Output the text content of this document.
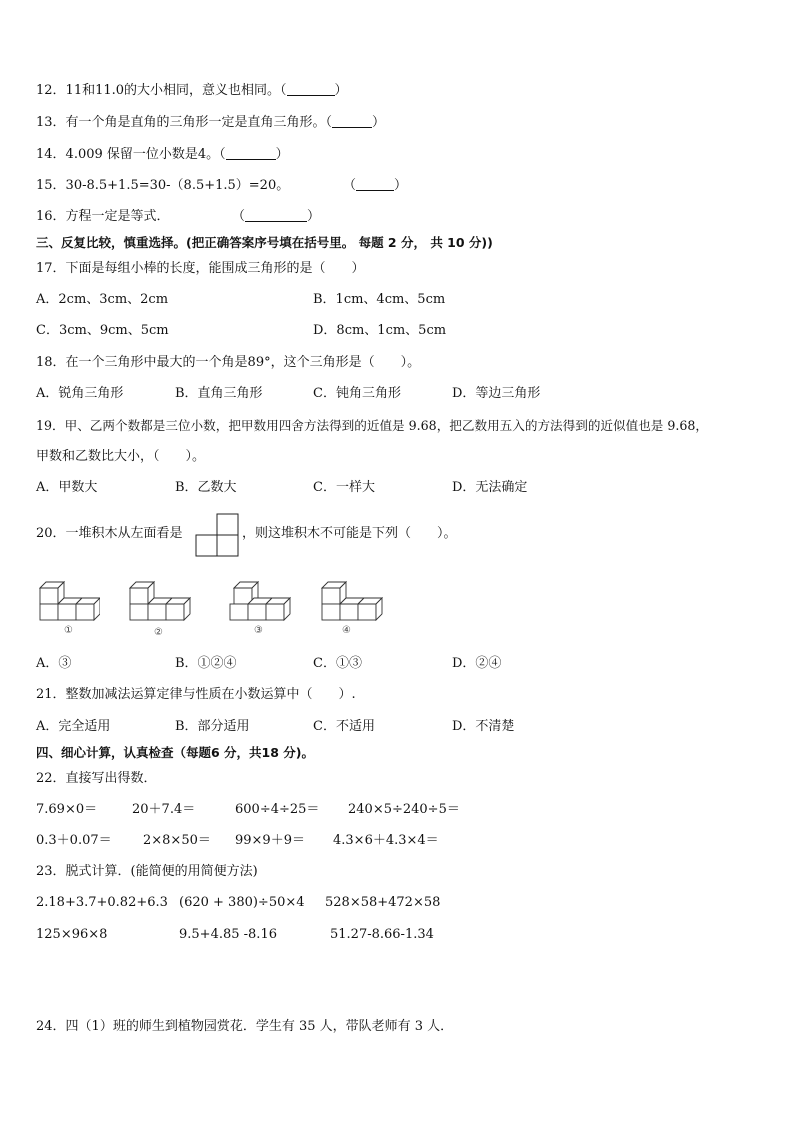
12．11和11.0的大小相同，意义也相同。（	）
13．有一个角是直角的三角形一定是直角三角形。（	）
14．4.009 保留一位小数是4。（	）
15．30-8.5+1.5=30-（8.5+1.5）=20。	（	）
16．方程一定是等式．	（	）
三、反复比较，慎重选择。(把正确答案序号填在括号里。 每题 2 分， 共 10 分))
17．下面是每组小棒的长度，能围成三角形的是（　　）
A．2cm、3cm、2cm	B．1cm、4cm、5cm
C．3cm、9cm、5cm	D．8cm、1cm、5cm
18．在一个三角形中最大的一个角是89°，这个三角形是（　　）。
A．锐角三角形	B．直角三角形	C．钝角三角形	D．等边三角形
19．甲、乙两个数都是三位小数，把甲数用四舍方法得到的近值是 9.68，把乙数用五入的方法得到的近似值也是 9.68，
甲数和乙数比大小，（　　）。
A．甲数大	B．乙数大	C．一样大	D．无法确定
20．一堆积木从左面看是	，则这堆积木不可能是下列（　　）。
①	②	③	④
A．③	B．①②④	C．①③	D．②④
21．整数加减法运算定律与性质在小数运算中（　　）.
A．完全适用	B．部分适用	C．不适用	D．不清楚
四、细心计算，认真检查（每题6 分，共18 分)。
22．直接写出得数．
7.69×0＝	20＋7.4＝	600÷4÷25＝ 240×5÷240÷5＝
0.3＋0.07＝ 2×8×50＝ 99×9＋9＝ 4.3×6＋4.3×4＝
23．脱式计算．(能简便的用简便方法)
2.18+3.7+0.82+6.3 (620 + 380)÷50×4 528×58+472×58
125×96×8	9.5+4.85 -8.16	51.27-8.66-1.34
24．四（1）班的师生到植物园赏花．学生有 35 人，带队老师有 3 人．
